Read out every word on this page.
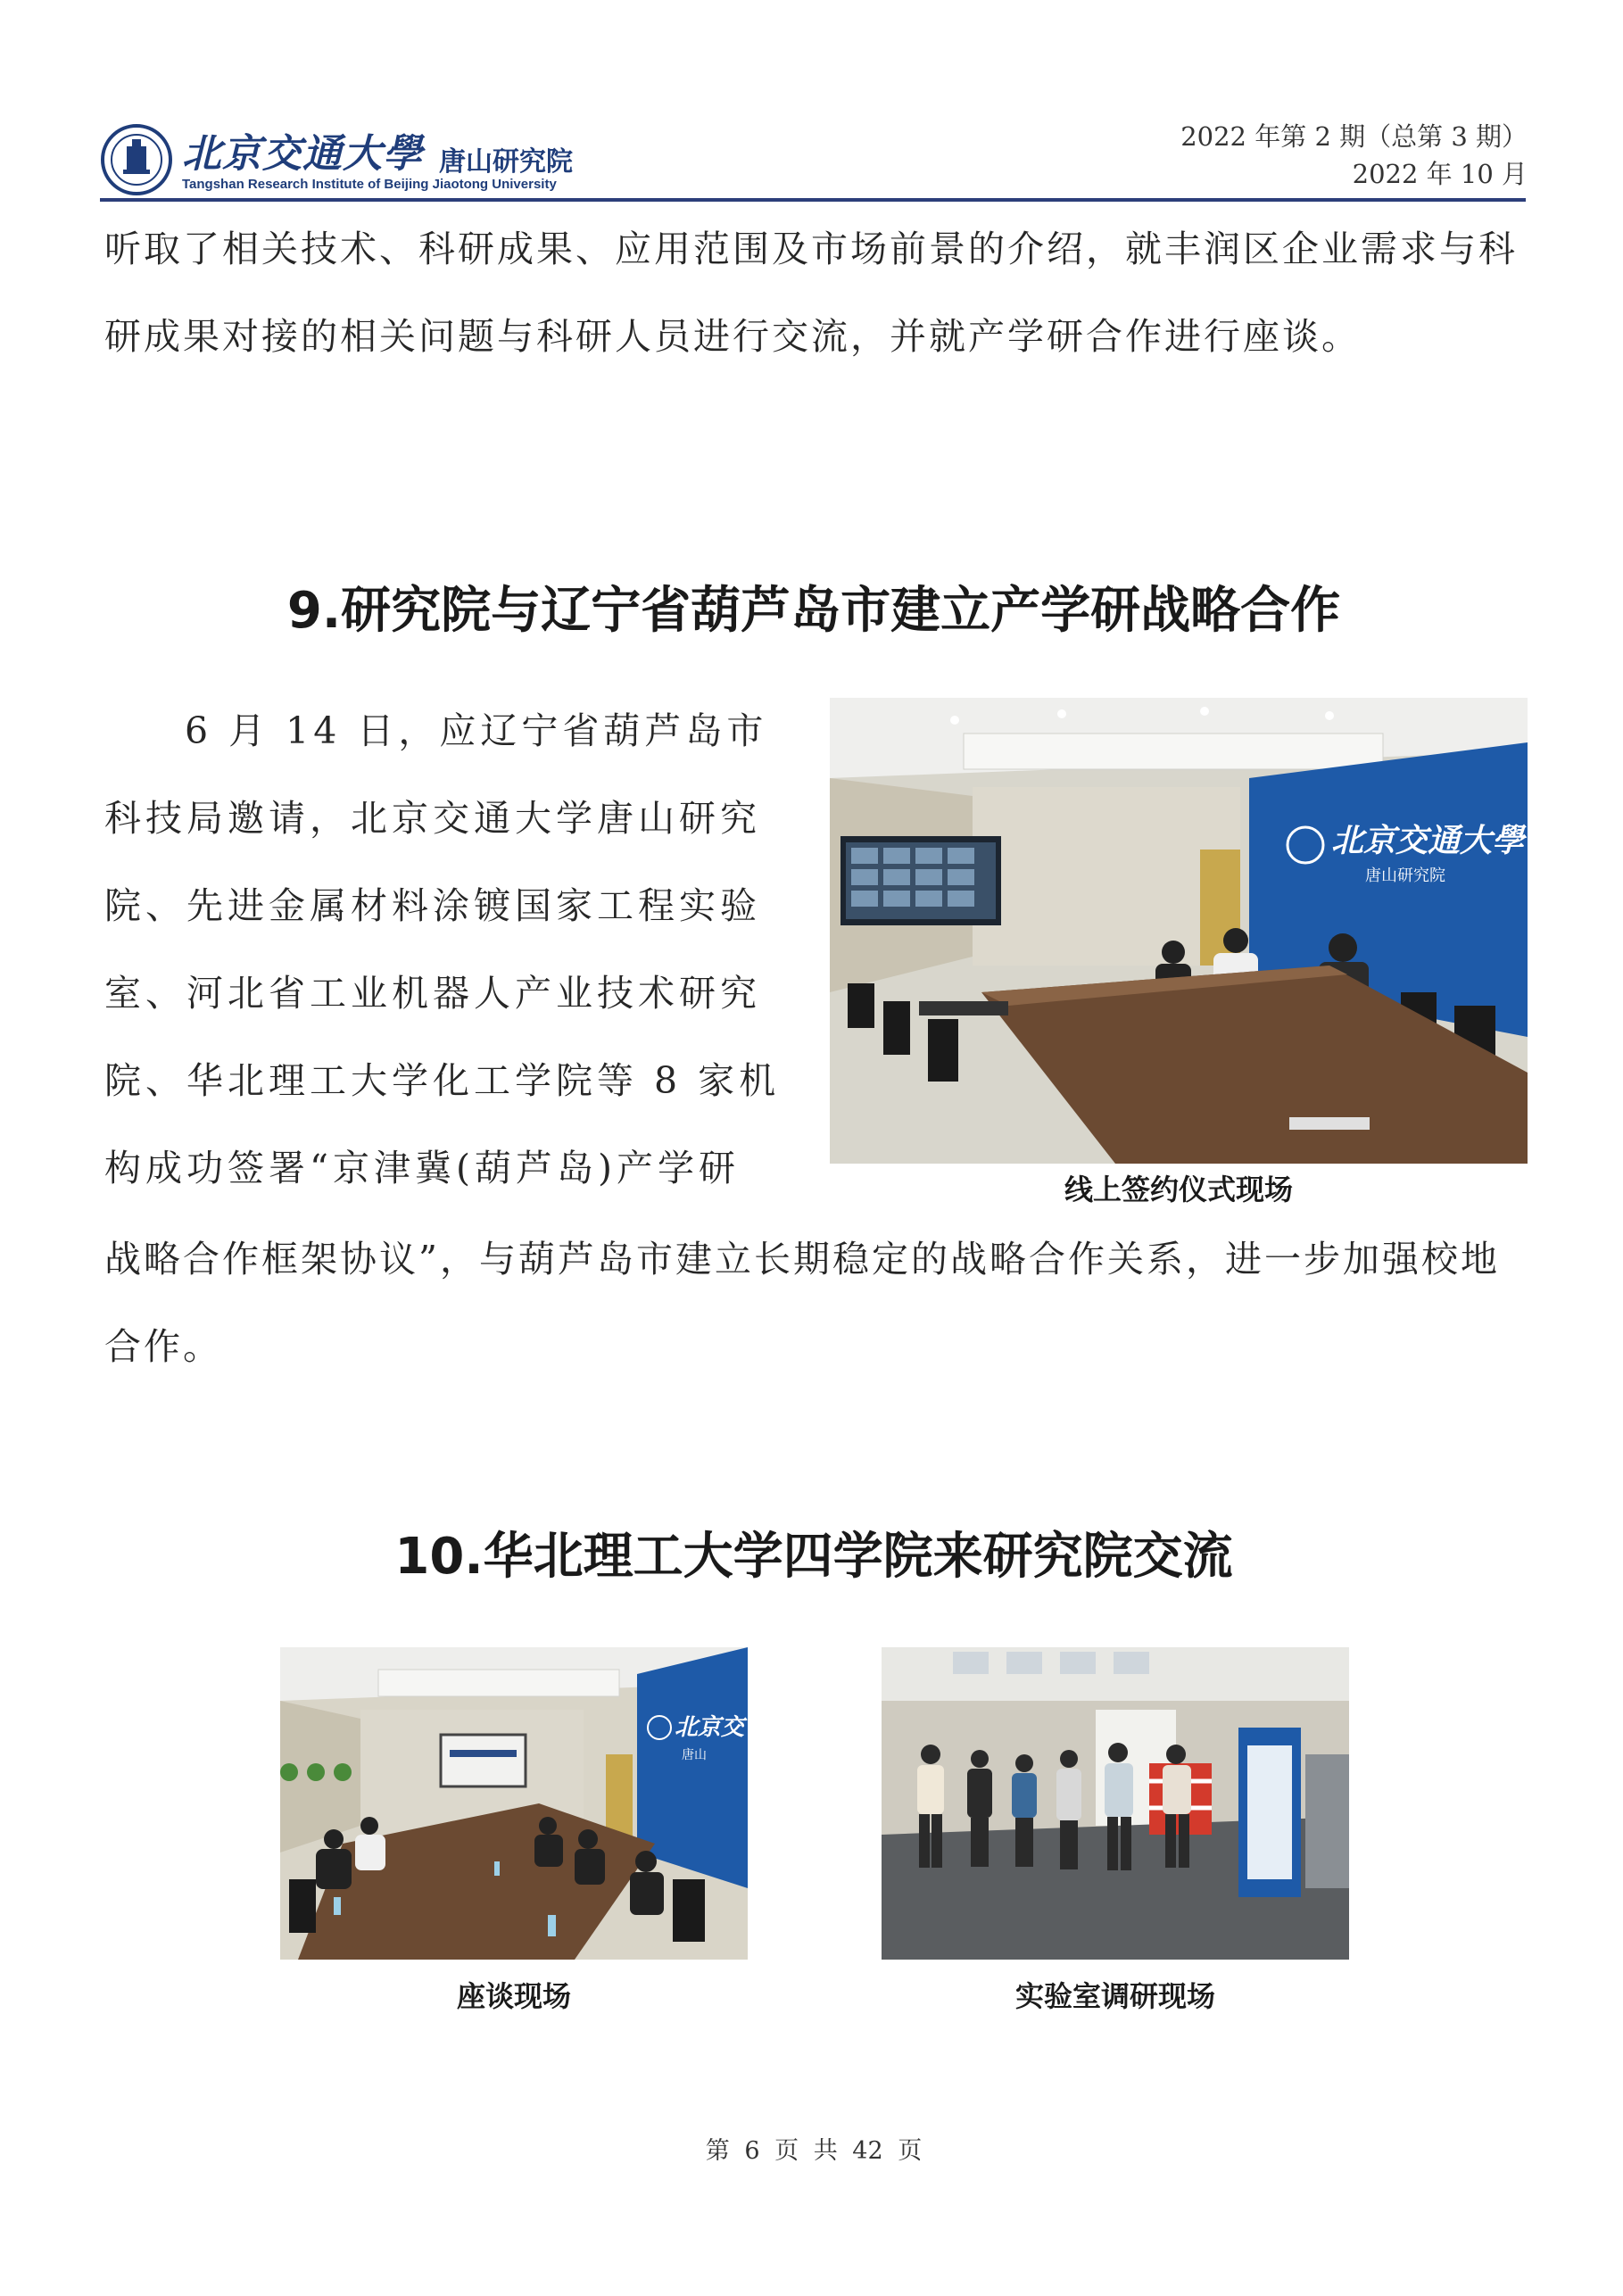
北京交通大學 唐山研究院
Tangshan Research Institute of Beijing Jiaotong University
2022 年第 2 期（总第 3 期）
2022 年 10 月
听取了相关技术、科研成果、应用范围及市场前景的介绍，就丰润区企业需求与科研成果对接的相关问题与科研人员进行交流，并就产学研合作进行座谈。
9.研究院与辽宁省葫芦岛市建立产学研战略合作
6 月 14 日，应辽宁省葫芦岛市科技局邀请，北京交通大学唐山研究院、先进金属材料涂镀国家工程实验室、河北省工业机器人产业技术研究院、华北理工大学化工学院等 8 家机构成功签署“京津冀(葫芦岛)产学研
北京交通大學
唐山研究院
线上签约仪式现场
战略合作框架协议”，与葫芦岛市建立长期稳定的战略合作关系，进一步加强校地合作。
10.华北理工大学四学院来研究院交流
北京交
唐山
座谈现场	实验室调研现场
第 6 页 共 42 页
